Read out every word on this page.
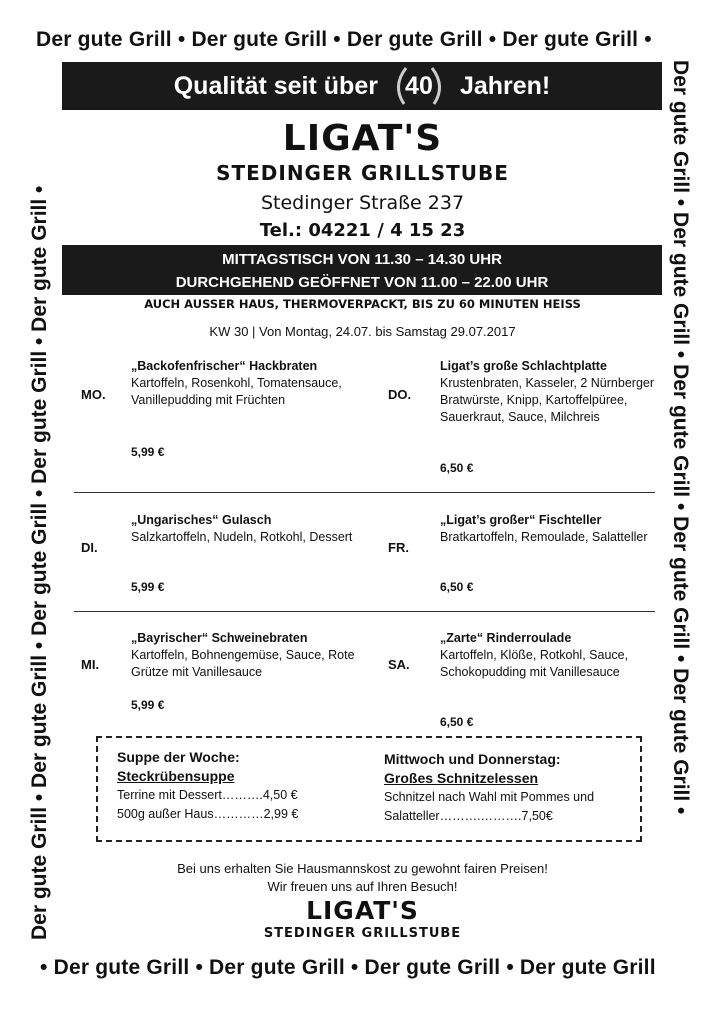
Der gute Grill • Der gute Grill • Der gute Grill • Der gute Grill •
• Der gute Grill • Der gute Grill • Der gute Grill • Der gute Grill
Der gute Grill • Der gute Grill • Der gute Grill • Der gute Grill • Der gute Grill •	Der gute Grill • Der gute Grill • Der gute Grill • Der gute Grill • Der gute Grill •
Qualität seit über 40 Jahren!
LIGAT'S
STEDINGER GRILLSTUBE
Stedinger Straße 237
Tel.: 04221 / 4 15 23
MITTAGSTISCH VON 11.30 – 14.30 UHR
DURCHGEHEND GEÖFFNET VON 11.00 – 22.00 UHR
AUCH AUSSER HAUS, THERMOVERPACKT, BIS ZU 60 MINUTEN HEISS
KW 30 | Von Montag, 24.07. bis Samstag 29.07.2017
MO.
„Backofenfrischer“ Hackbraten
Kartoffeln, Rosenkohl, Tomatensauce, Vanillepudding mit Früchten
5,99 €
DO.
Ligat’s große Schlachtplatte
Krustenbraten, Kasseler, 2 Nürnberger Bratwürste, Knipp, Kartoffelpüree, Sauerkraut, Sauce, Milchreis
6,50 €
DI.
„Ungarisches“ Gulasch
Salzkartoffeln, Nudeln, Rotkohl, Dessert
5,99 €
FR.
„Ligat’s großer“ Fischteller
Bratkartoffeln, Remoulade, Salatteller
6,50 €
MI.
„Bayrischer“ Schweinebraten
Kartoffeln, Bohnengemüse, Sauce, Rote Grütze mit Vanillesauce
5,99 €
SA.
„Zarte“ Rinderroulade
Kartoffeln, Klöße, Rotkohl, Sauce, Schokopudding mit Vanillesauce
6,50 €
Suppe der Woche:
Steckrübensuppe
Terrine mit Dessert……….4,50 €
500g außer Haus…………2,99 €
Mittwoch und Donnerstag:
Großes Schnitzelessen
Schnitzel nach Wahl mit Pommes und
Salatteller……….……….7,50€
Bei uns erhalten Sie Hausmannskost zu gewohnt fairen Preisen!
Wir freuen uns auf Ihren Besuch!
LIGAT'S
STEDINGER GRILLSTUBE
